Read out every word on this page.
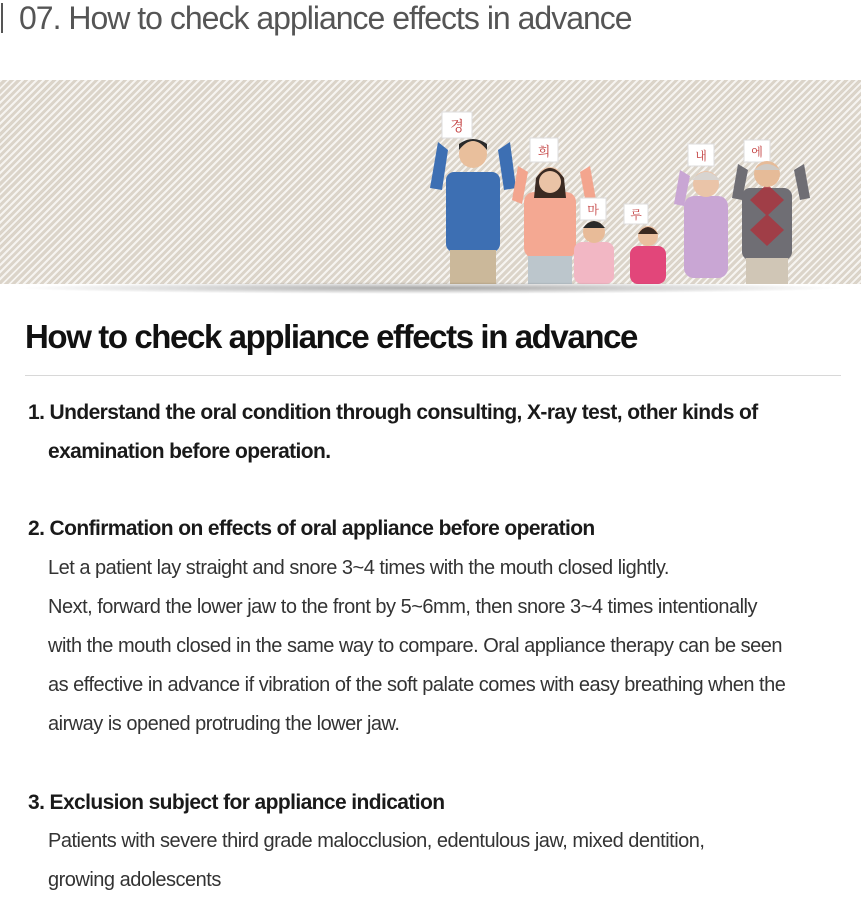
07. How to check appliance effects in advance
경
희
마	루
내	에
How to check appliance effects in advance
1. Understand the oral condition through consulting, X-ray test, other kinds of
examination before operation.
2. Confirmation on effects of oral appliance before operation
Let a patient lay straight and snore 3~4 times with the mouth closed lightly.
Next, forward the lower jaw to the front by 5~6mm, then snore 3~4 times intentionally
with the mouth closed in the same way to compare. Oral appliance therapy can be seen
as effective in advance if vibration of the soft palate comes with easy breathing when the
airway is opened protruding the lower jaw.
3. Exclusion subject for appliance indication
Patients with severe third grade malocclusion, edentulous jaw, mixed dentition,
growing adolescents
